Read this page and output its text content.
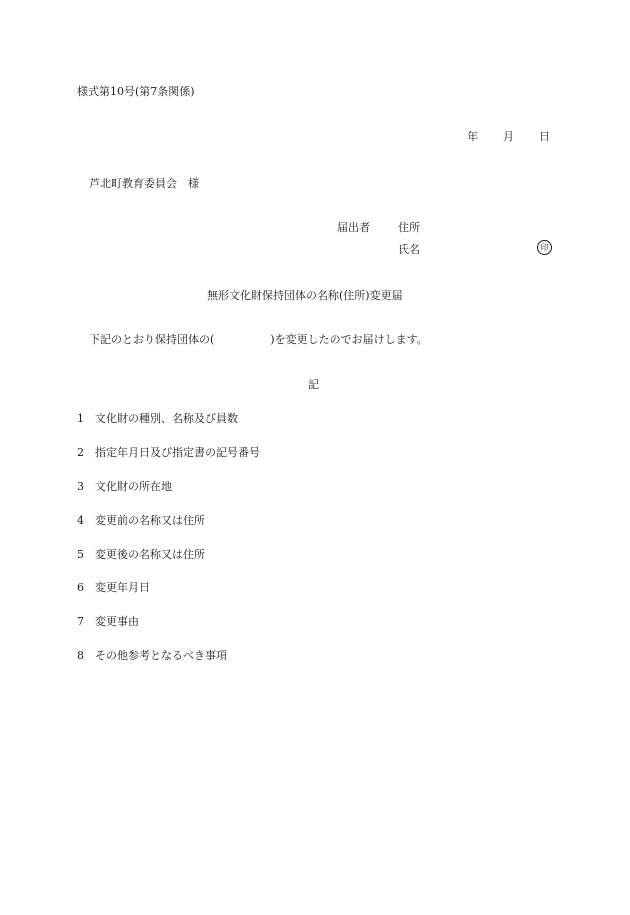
様式第10号(第7条関係)
年 月 日
芦北町教育委員会　様
届出者	住所
氏名	印
無形文化財保持団体の名称(住所)変更届
下記のとおり保持団体の(	)を変更したのでお届けします。
記
1 文化財の種別、名称及び員数
2 指定年月日及び指定書の記号番号
3 文化財の所在地
4 変更前の名称又は住所
5 変更後の名称又は住所
6 変更年月日
7 変更事由
8 その他参考となるべき事項
